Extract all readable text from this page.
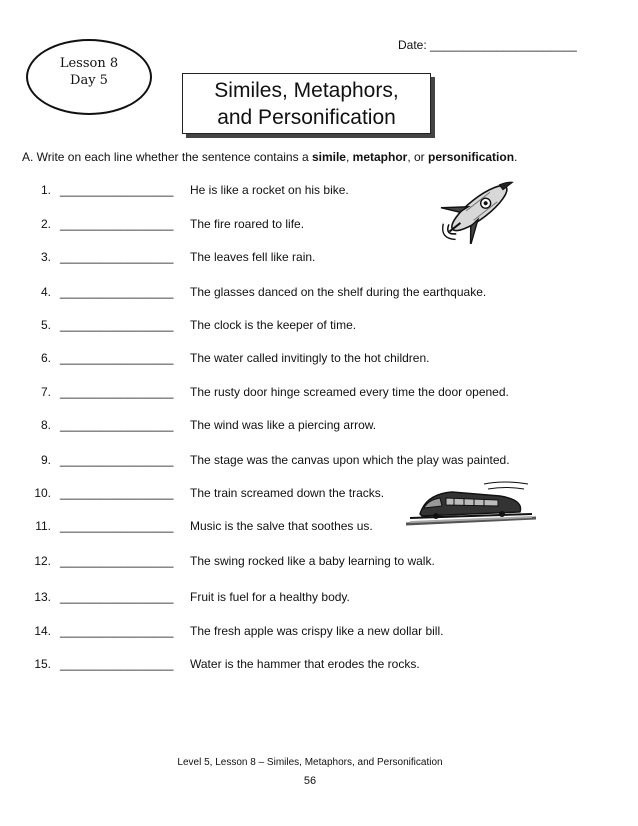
Date: ______________________
Lesson 8
Day 5	Similes, Metaphors,
and Personification
A. Write on each line whether the sentence contains a simile, metaphor, or personification.
1. _________________ He is like a rocket on his bike.
2. _________________ The fire roared to life.
3. _________________ The leaves fell like rain.
4. _________________ The glasses danced on the shelf during the earthquake.
5. _________________ The clock is the keeper of time.
6. _________________ The water called invitingly to the hot children.
7. _________________ The rusty door hinge screamed every time the door opened.
8. _________________ The wind was like a piercing arrow.
9. _________________ The stage was the canvas upon which the play was painted.
10. _________________ The train screamed down the tracks.
11. _________________ Music is the salve that soothes us.
12. _________________ The swing rocked like a baby learning to walk.
13. _________________ Fruit is fuel for a healthy body.
14. _________________ The fresh apple was crispy like a new dollar bill.
15. _________________ Water is the hammer that erodes the rocks.
Level 5, Lesson 8 – Similes, Metaphors, and Personification
56
